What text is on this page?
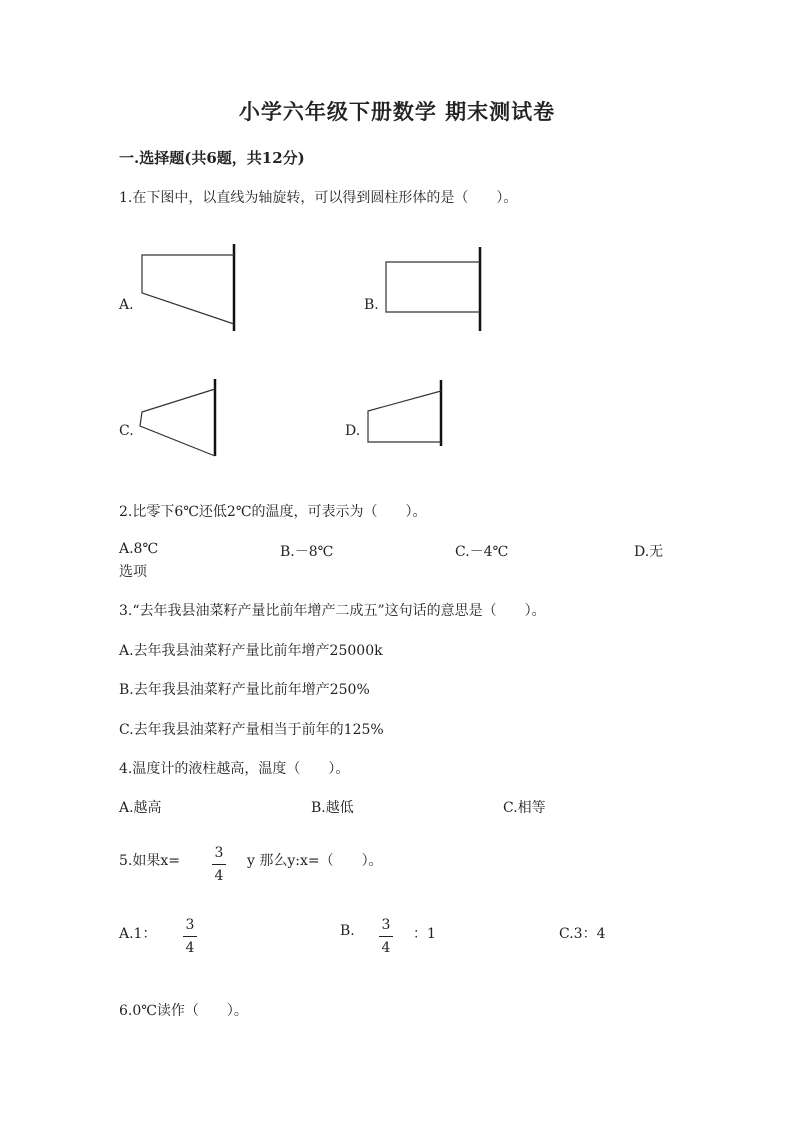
小学六年级下册数学 期末测试卷
一.选择题(共6题，共12分)
1.在下图中，以直线为轴旋转，可以得到圆柱形体的是（　　）。
A.	B.
C.	D.
2.比零下6℃还低2℃的温度，可表示为（　　）。
A.8℃	B.－8℃	C.－4℃	D.无
选项
3.“去年我县油菜籽产量比前年增产二成五”这句话的意思是（　　）。
A.去年我县油菜籽产量比前年增产25000k
B.去年我县油菜籽产量比前年增产250%
C.去年我县油菜籽产量相当于前年的125%
4.温度计的液柱越高，温度（　　）。
A.越高	B.越低	C.相等
5.如果x=	3
4
y 那么y:x=（　　）。
A.1：
3
4
B.	3
4
：1	C.3：4
6.0℃读作（　　）。
